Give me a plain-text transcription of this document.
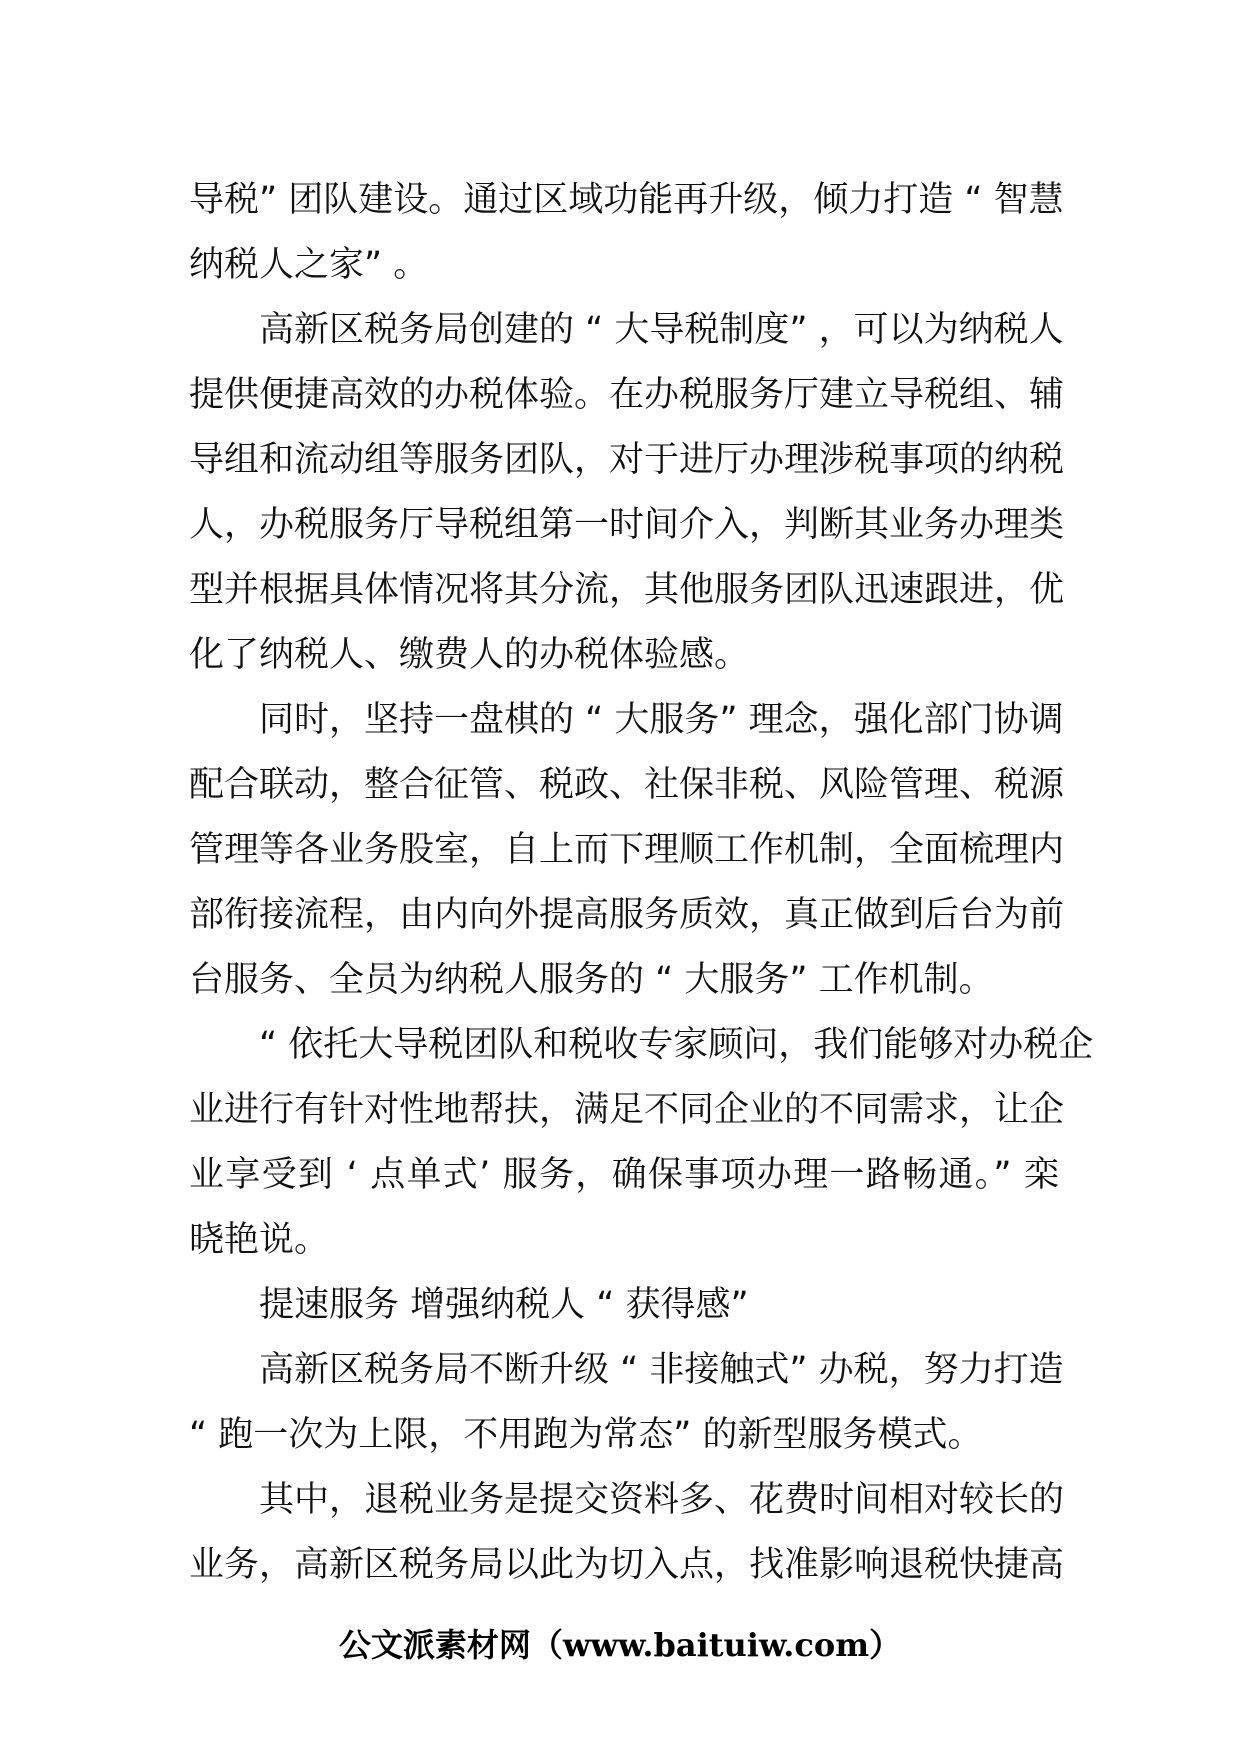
导税” 团队建设。通过区域功能再升级，倾力打造 “ 智慧
纳税人之家” 。
高新区税务局创建的 “ 大导税制度” ，可以为纳税人
提供便捷高效的办税体验。在办税服务厅建立导税组、辅
导组和流动组等服务团队，对于进厅办理涉税事项的纳税
人，办税服务厅导税组第一时间介入，判断其业务办理类
型并根据具体情况将其分流，其他服务团队迅速跟进，优
化了纳税人、缴费人的办税体验感。
同时，坚持一盘棋的 “ 大服务” 理念，强化部门协调
配合联动，整合征管、税政、社保非税、风险管理、税源
管理等各业务股室，自上而下理顺工作机制，全面梳理内
部衔接流程，由内向外提高服务质效，真正做到后台为前
台服务、全员为纳税人服务的 “ 大服务” 工作机制。
“ 依托大导税团队和税收专家顾问，我们能够对办税企
业进行有针对性地帮扶，满足不同企业的不同需求，让企
业享受到 ‘ 点单式’ 服务，确保事项办理一路畅通。” 栾
晓艳说。
提速服务 增强纳税人 “ 获得感”
高新区税务局不断升级 “ 非接触式” 办税，努力打造
“ 跑一次为上限，不用跑为常态” 的新型服务模式。
其中，退税业务是提交资料多、花费时间相对较长的
业务，高新区税务局以此为切入点，找准影响退税快捷高
公文派素材网（www.baituiw.com）
